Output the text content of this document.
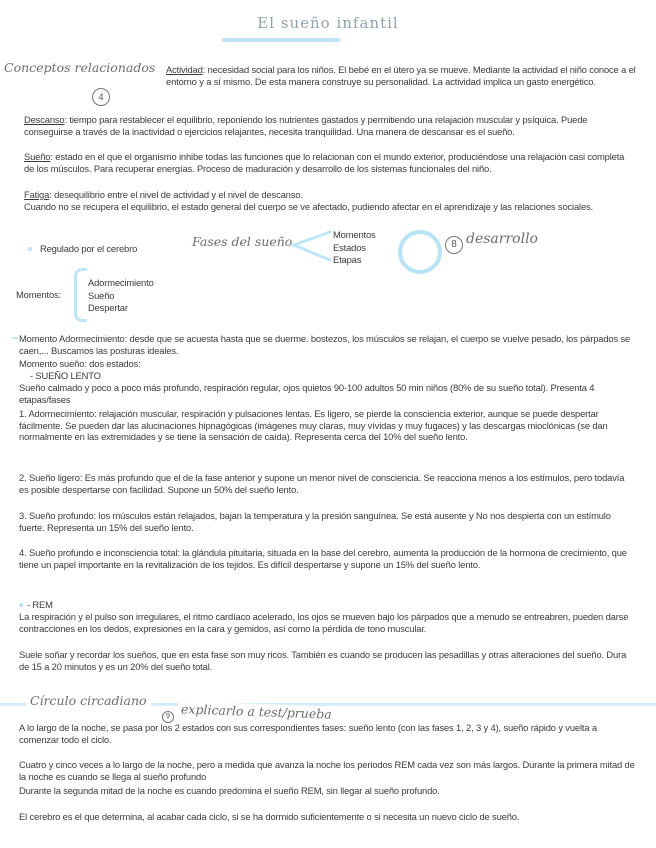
El sueño infantil
Conceptos relacionados
4
Actividad: necesidad social para los niños. El bebé en el útero ya se mueve. Mediante la actividad el niño conoce a el entorno y a sí mismo. De esta manera construye su personalidad. La actividad implica un gasto energético.
Descanso: tiempo para restablecer el equilibrio, reponiendo los nutrientes gastados y permitiendo una relajación muscular y psíquica. Puede conseguirse a través de la inactividad o ejercicios relajantes, necesita tranquilidad. Una manera de descansar es el sueño.
Sueño: estado en el que el organismo inhibe todas las funciones que lo relacionan con el mundo exterior, produciéndose una relajación casi completa de los músculos. Para recuperar energías. Proceso de maduración y desarrollo de los sistemas funcionales del niño.
Fatiga: desequilibrio entre el nivel de actividad y el nivel de descanso.
Cuando no se recupera el equilibrio, el estado general del cuerpo se ve afectado, pudiendo afectar en el aprendizaje y las relaciones sociales.
Regulado por el cerebro	Fases del sueño	Momentos
Estados
Etapas
8 desarrollo
Momentos:
Adormecimiento
Sueño
Despertar
Momento Adormecimiento: desde que se acuesta hasta que se duerme. bostezos, los músculos se relajan, el cuerpo se vuelve pesado, los párpados se caen,... Buscamos las posturas ideales.
Momento sueño: dos estados:
- SUEÑO LENTO
Sueño calmado y poco a poco más profundo, respiración regular, ojos quietos 90-100 adultos 50 min niños (80% de su sueño total). Presenta 4 etapas/fases
1. Adormecimiento: relajación muscular, respiración y pulsaciones lentas. Es ligero, se pierde la consciencia exterior, aunque se puede despertar fácilmente. Se pueden dar las alucinaciones hipnagógicas (imágenes muy claras, muy vívidas y muy fugaces) y las descargas mioclónicas (se dan normalmente en las extremidades y se tiene la sensación de caída). Representa cerca del 10% del sueño lento.
2. Sueño ligero: Es más profundo que el de la fase anterior y supone un menor nivel de consciencia. Se reacciona menos a los estímulos, pero todavía es posible despertarse con facilidad. Supone un 50% del sueño lento.
3. Sueño profundo: los músculos están relajados, bajan la temperatura y la presión sanguínea. Se está ausente y No nos despierta con un estímulo fuerte. Representa un 15% del sueño lento.
4. Sueño profundo e inconsciencia total: la glándula pituitaria, situada en la base del cerebro, aumenta la producción de la hormona de crecimiento, que tiene un papel importante en la revitalización de los tejidos. Es difícil despertarse y supone un 15% del sueño lento.
- REM
La respiración y el pulso son irregulares, el ritmo cardíaco acelerado, los ojos se mueven bajo los párpados que a menudo se entreabren, pueden darse contracciones en los dedos, expresiones en la cara y gemidos, así como la pérdida de tono muscular.
Suele soñar y recordar los sueños, que en esta fase son muy ricos. También es cuando se producen las pesadillas y otras alteraciones del sueño. Dura de 15 a 20 minutos y es un 20% del sueño total.
Círculo circadiano
9 explicarlo a test/prueba
A lo largo de la noche, se pasa por los 2 estados con sus correspondientes fases: sueño lento (con las fases 1, 2, 3 y 4), sueño rápido y vuelta a comenzar todo el ciclo.
Cuatro y cinco veces a lo largo de la noche, pero a medida que avanza la noche los periodos REM cada vez son más largos. Durante la primera mitad de la noche es cuando se llega al sueño profundo
Durante la segunda mitad de la noche es cuando predomina el sueño REM, sin llegar al sueño profundo.
El cerebro es el que determina, al acabar cada ciclo, si se ha dormido suficientemente o si necesita un nuevo ciclo de sueño.
